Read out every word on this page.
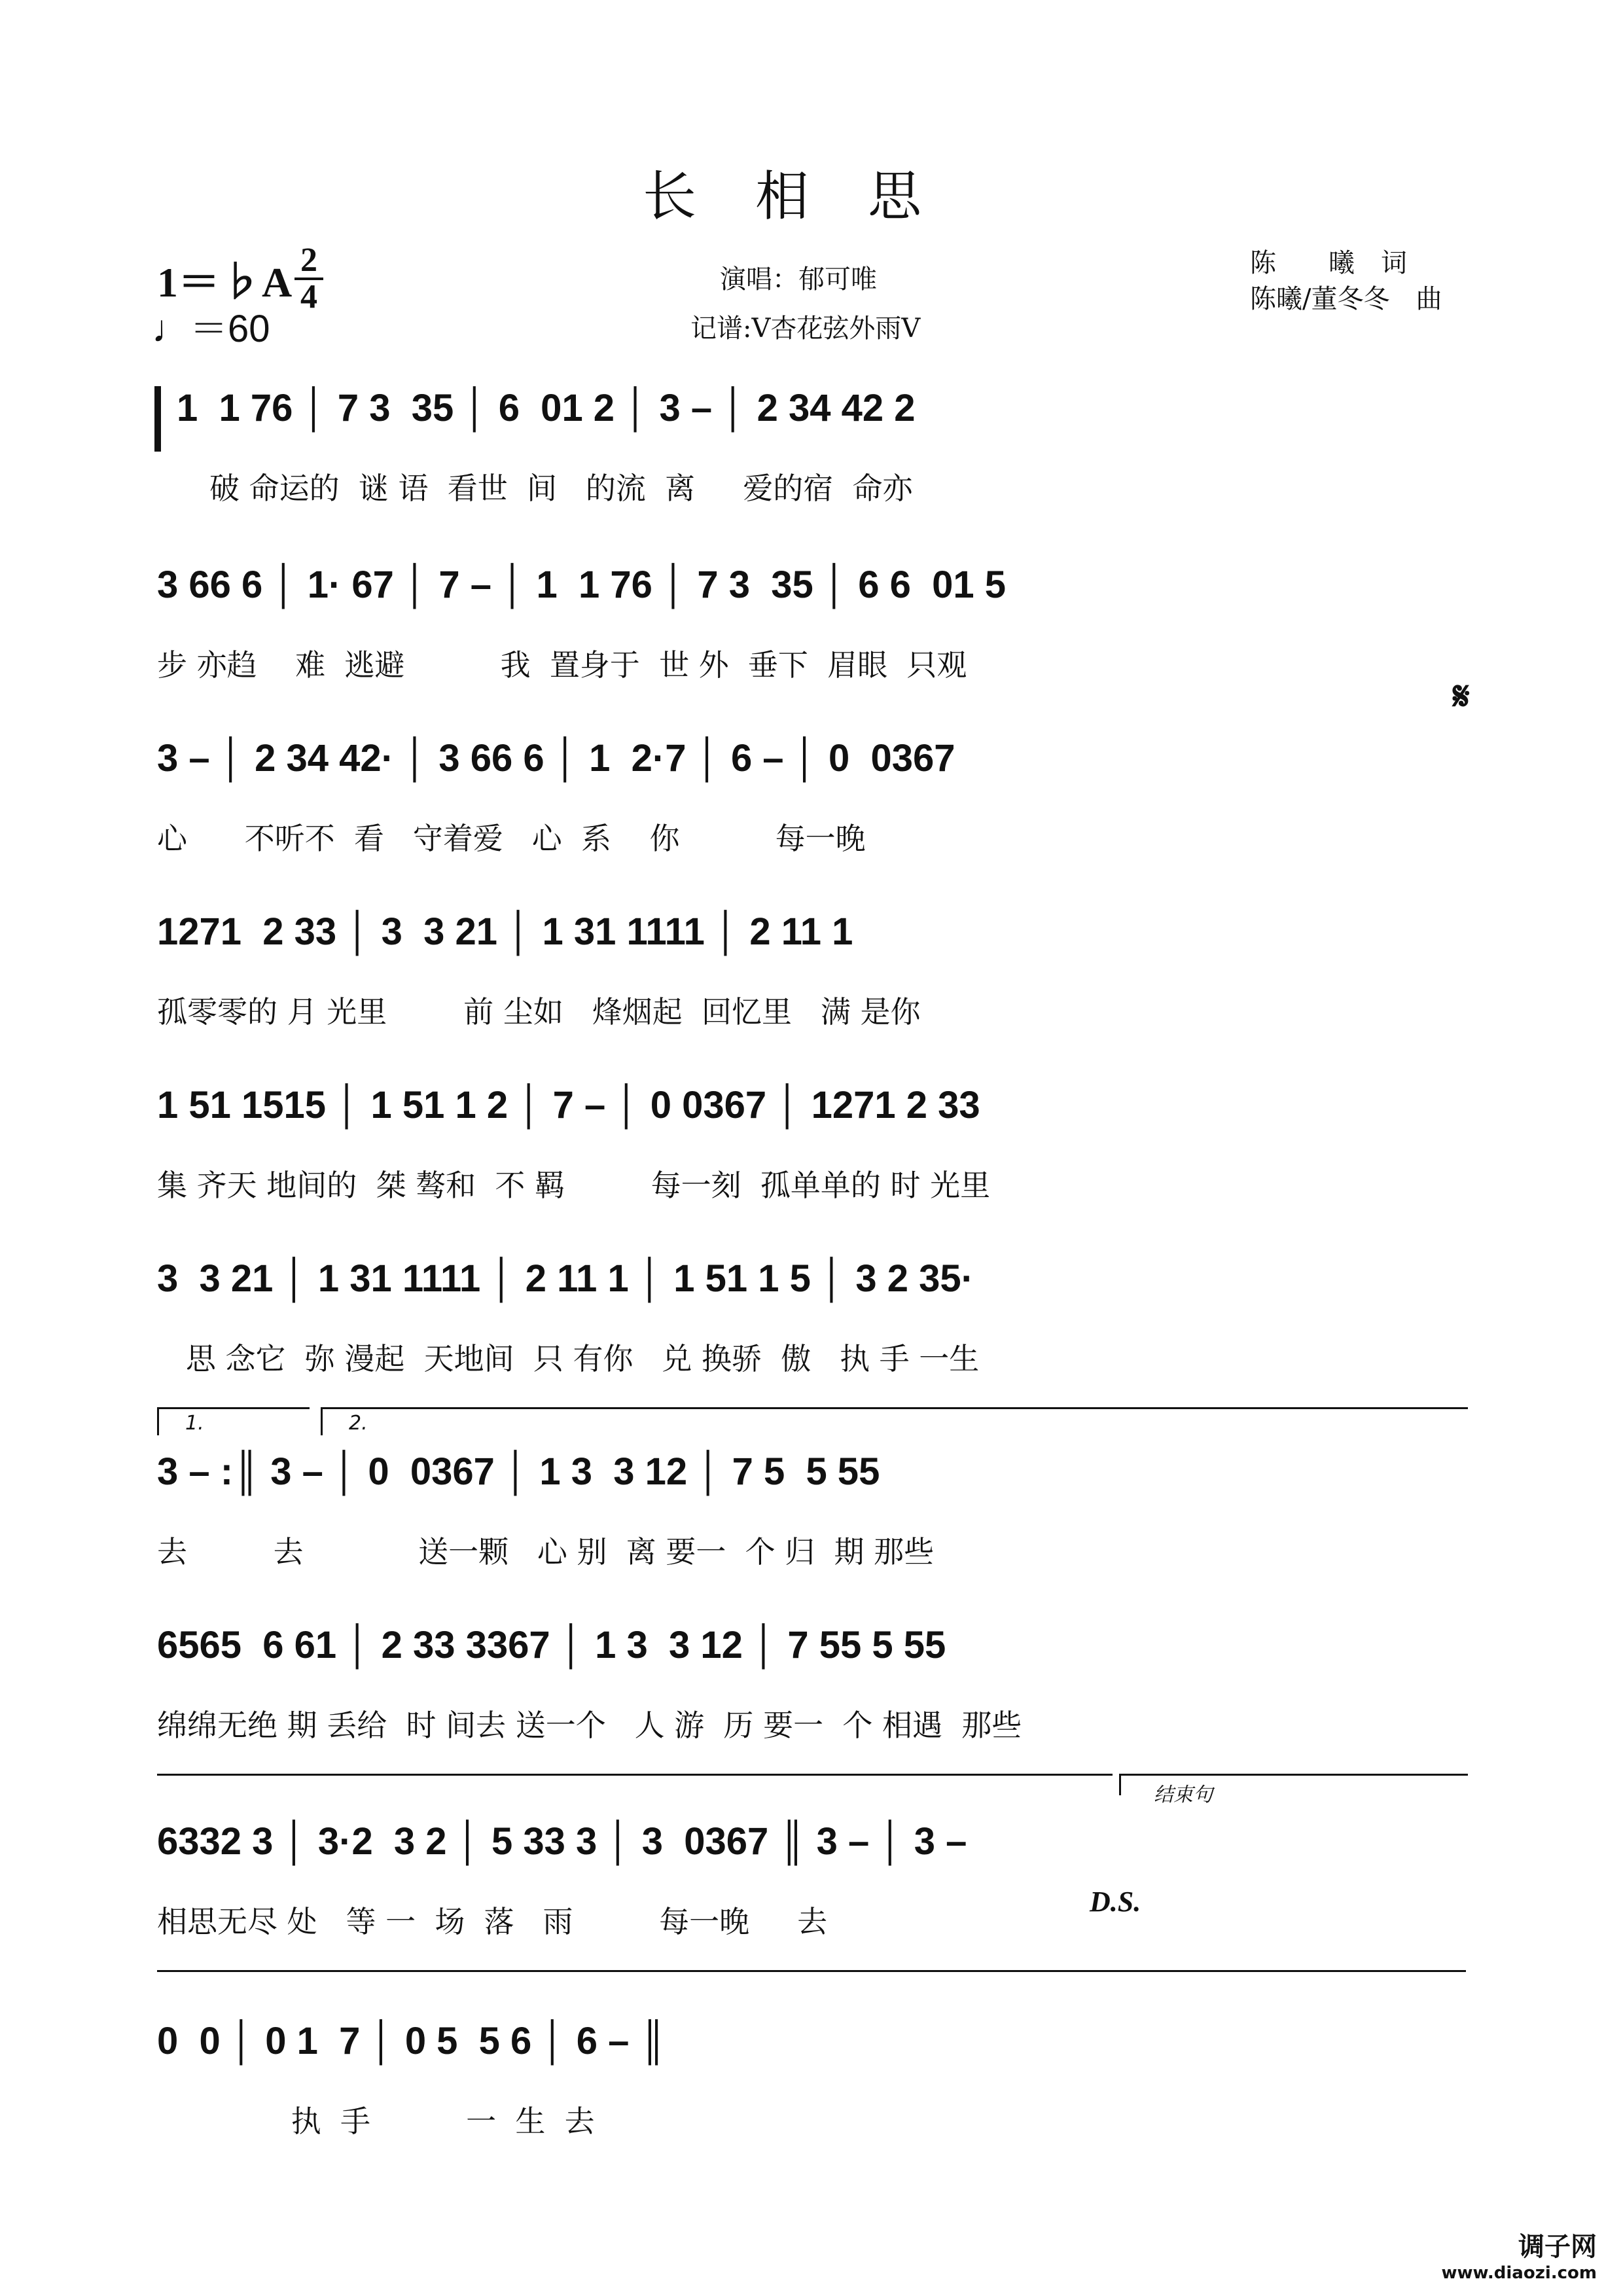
长相思
1＝♭A 2
4
♩＝60
演唱：郁可唯
记谱:V杏花弦外雨V
陈　　曦　词
陈曦/董冬冬　曲
1  1 76 │ 7 3  35 │ 6  01 2 │ 3 – │ 2 34 42 2
破 命运的  谜 语  看世  间   的流  离     爱的宿  命亦
3 66 6 │ 1· 67 │ 7 – │ 1  1 76 │ 7 3  35 │ 6 6  01 5
步 亦趋    难  逃避          我  置身于  世 外  垂下  眉眼  只观
𝄋
3 – │ 2 34 42· │ 3 66 6 │ 1  2·7 │ 6 – │ 0  0367
心      不听不  看   守着爱   心  系    你          每一晚
1271  2 33 │ 3  3 21 │ 1 31 1111 │ 2 11 1
孤零零的 月 光里        前 尘如   烽烟起  回忆里   满 是你
1 51 1515 │ 1 51 1 2 │ 7 – │ 0 0367 │ 1271 2 33
集 齐天 地间的  桀 骜和  不 羁         每一刻  孤单单的 时 光里
3  3 21 │ 1 31 1111 │ 2 11 1 │ 1 51 1 5 │ 3 2 35·
思 念它  弥 漫起  天地间  只 有你   兑 换骄  傲   执 手 一生
1.	2.
3 – :║ 3 – │ 0  0367 │ 1 3  3 12 │ 7 5  5 55
去         去            送一颗   心 别  离 要一  个 归  期 那些
6565  6 61 │ 2 33 3367 │ 1 3  3 12 │ 7 55 5 55
绵绵无绝 期 丢给  时 间去 送一个   人 游  历 要一  个 相遇  那些
结束句
6332 3 │ 3·2  3 2 │ 5 33 3 │ 3  0367 ║ 3 – │ 3 –
相思无尽 处   等 一  场  落   雨         每一晚     去
D.S.
0  0 │ 0 1  7 │ 0 5  5 6 │ 6 – ║
执  手          一  生  去
调子网
www.diaozi.com
